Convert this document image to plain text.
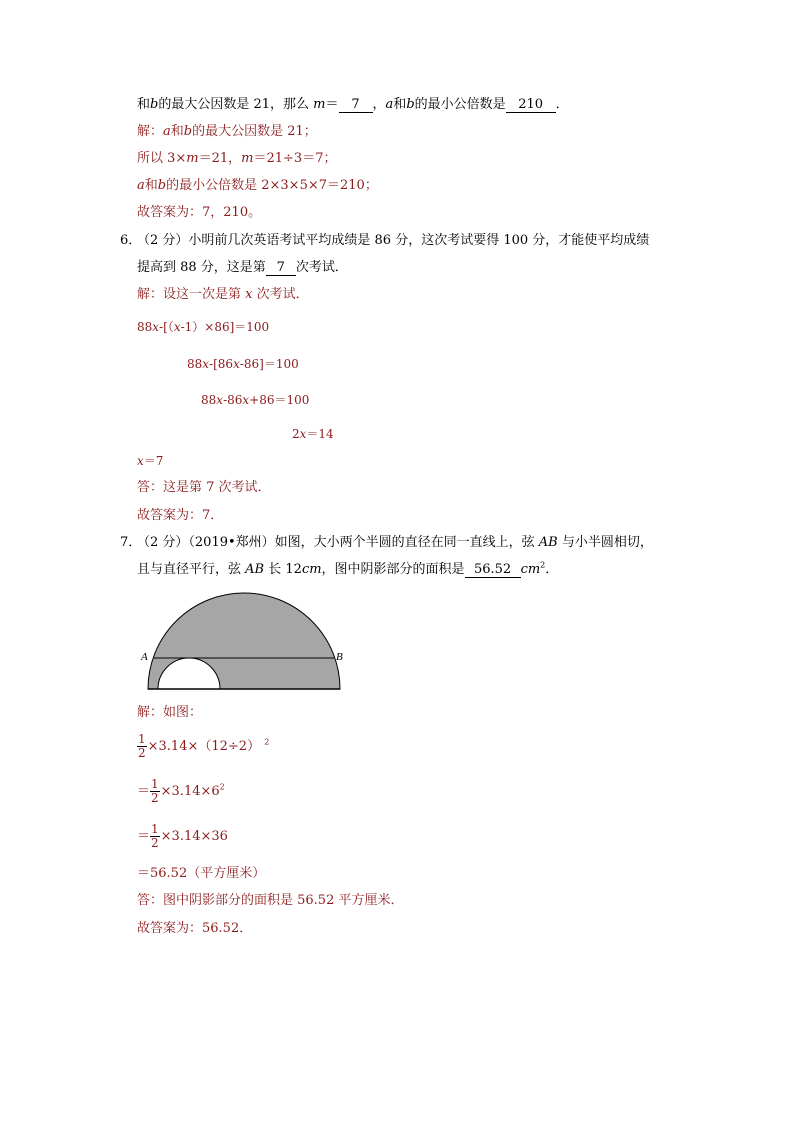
和b的最大公因数是 21，那么 m＝ 7 ，a和b的最小公倍数是 210 ．
解：a和b的最大公因数是 21；
所以 3×m＝21，m＝21÷3＝7；
a和b的最小公倍数是 2×3×5×7＝210；
故答案为：7，210。
6．
（2 分）小明前几次英语考试平均成绩是 86 分，这次考试要得 100 分，才能使平均成绩
提高到 88 分，这是第 7 次考试．
解：设这一次是第 x 次考试．
88x-[（x-1）×86]＝100
88x-[86x-86]＝100
88x-86x+86＝100
2x＝14
x＝7
答：这是第 7 次考试．
故答案为：7．
7．
（2 分）（2019•郑州）如图，大小两个半圆的直径在同一直线上，弦 AB 与小半圆相切，
且与直径平行，弦 AB 长 12cm，图中阴影部分的面积是 56.52 $cm^2$．
A	B
解：如图：
$\frac{1}{2} \times 3.14\times(12\div 2)$ $^2$
＝ $\frac{1}{2} \times 3.14\times 6^2$
＝ $\frac{1}{2} \times 3.14\times 36$
＝56.52（平方厘米）
答：图中阴影部分的面积是 56.52 平方厘米．
故答案为：56.52．
